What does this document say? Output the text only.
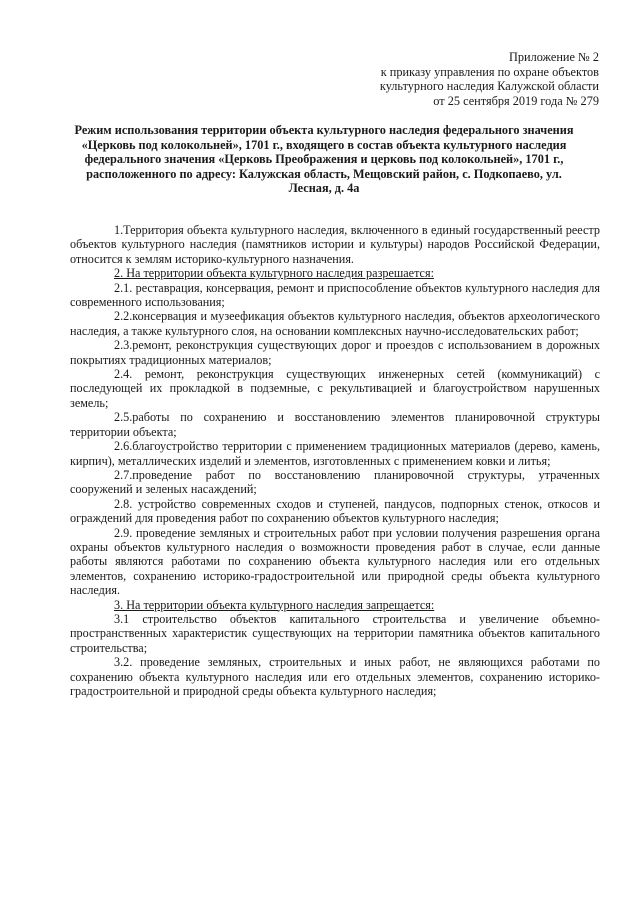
Приложение № 2
к приказу управления по охране объектов
культурного наследия Калужской области
от 25 сентября 2019 года № 279
Режим использования территории объекта культурного наследия федерального значения «Церковь под колокольней», 1701 г., входящего в состав объекта культурного наследия федерального значения «Церковь Преображения и церковь под колокольней», 1701 г., расположенного по адресу: Калужская область, Мещовский район, с. Подкопаево, ул. Лесная, д. 4а

1.Территория объекта культурного наследия, включенного в единый государственный реестр объектов культурного наследия (памятников истории и культуры) народов Российской Федерации, относится к землям историко-культурного назначения.

2. На территории объекта культурного наследия разрешается:

2.1. реставрация, консервация, ремонт и приспособление объектов культурного наследия для современного использования;

2.2.консервация и музеефикация объектов культурного наследия, объектов археологического наследия, а также культурного слоя, на основании комплексных научно-исследовательских работ;

2.3.ремонт, реконструкция существующих дорог и проездов с использованием в дорожных покрытиях традиционных материалов;

2.4. ремонт, реконструкция существующих инженерных сетей (коммуникаций) с последующей их прокладкой в подземные, с рекультивацией и благоустройством нарушенных земель;

2.5.работы по сохранению и восстановлению элементов планировочной структуры территории объекта;

2.6.благоустройство территории с применением традиционных материалов (дерево, камень, кирпич), металлических изделий и элементов, изготовленных с применением ковки и литья;

2.7.проведение работ по восстановлению планировочной структуры, утраченных сооружений и зеленых насаждений;

2.8. устройство современных сходов и ступеней, пандусов, подпорных стенок, откосов и ограждений для проведения работ по сохранению объектов культурного наследия;

2.9. проведение земляных и строительных работ при условии получения разрешения органа охраны объектов культурного наследия о возможности проведения работ в случае, если данные работы являются работами по сохранению объекта культурного наследия или его отдельных элементов, сохранению историко-градостроительной или природной среды объекта культурного наследия.

3. На территории объекта культурного наследия запрещается:

3.1 строительство объектов капитального строительства и увеличение объемно-пространственных характеристик существующих на территории памятника объектов капитального строительства;

3.2. проведение земляных, строительных и иных работ, не являющихся работами по сохранению объекта культурного наследия или его отдельных элементов, сохранению историко-градостроительной и природной среды объекта культурного наследия;
